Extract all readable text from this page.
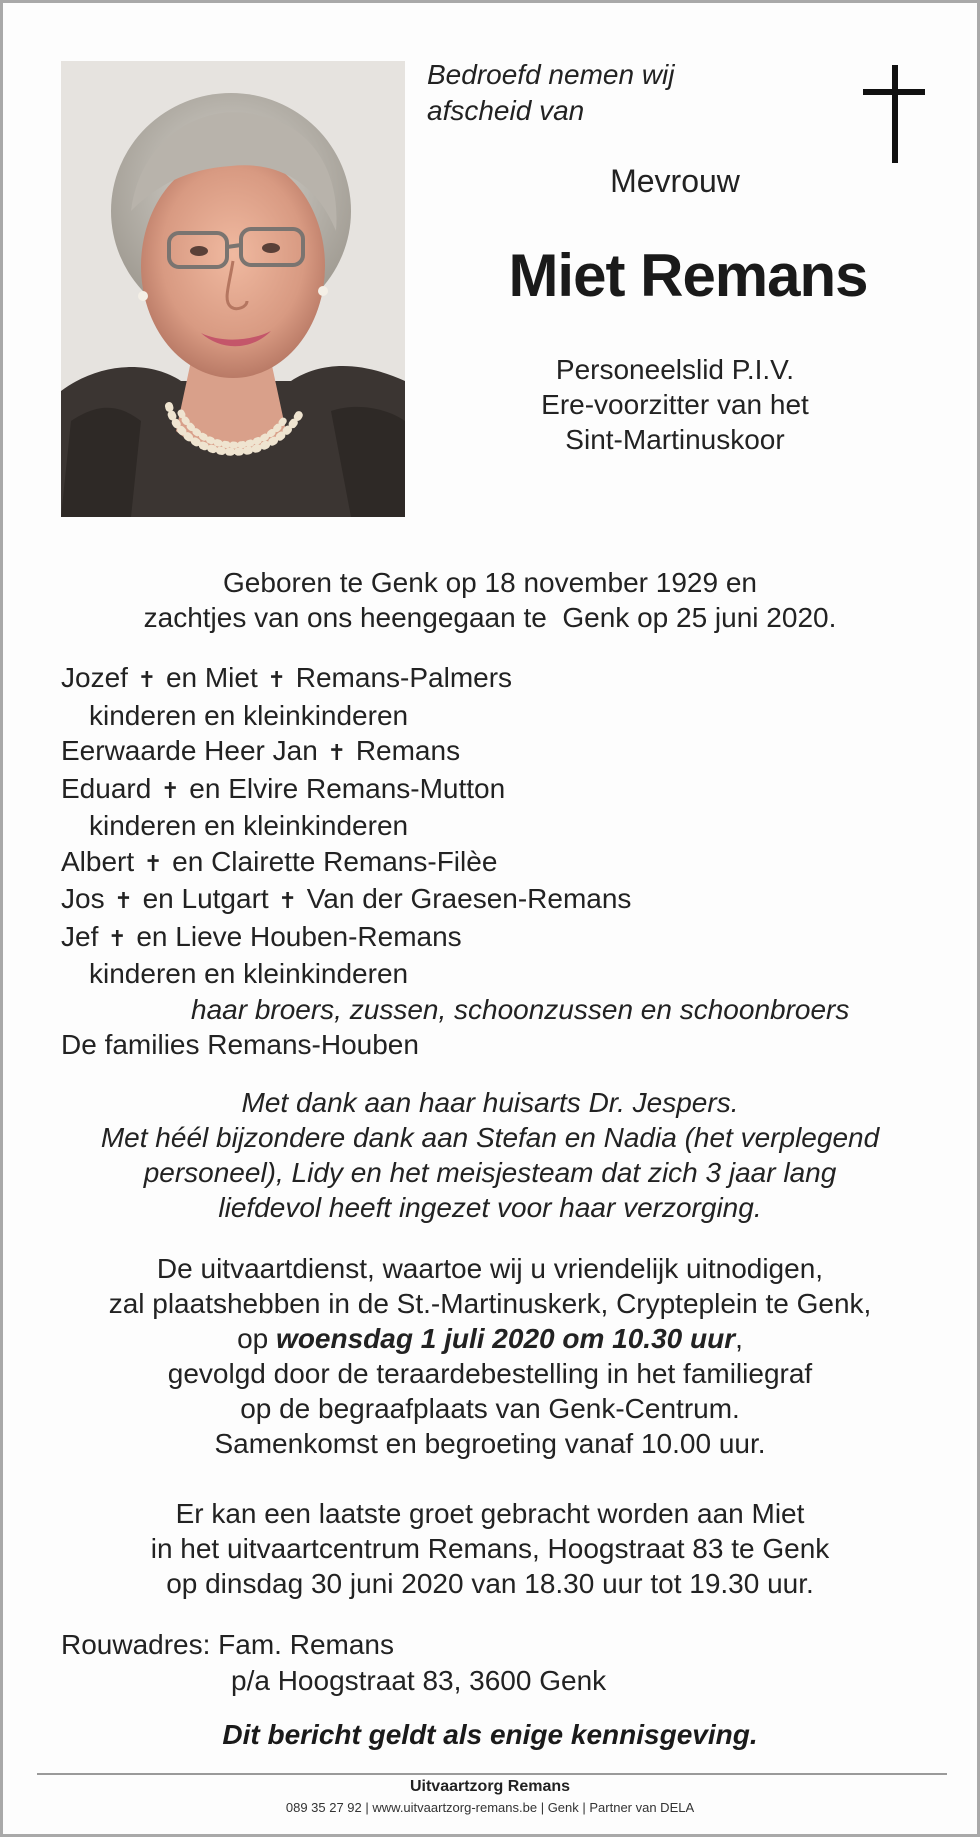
Bedroefd nemen wij
afscheid van
Mevrouw
Miet Remans
Personeelslid P.I.V.
Ere-voorzitter van het
Sint-Martinuskoor
Geboren te Genk op 18 november 1929 en
zachtjes van ons heengegaan te  Genk op 25 juni 2020.
Jozef ✝ en Miet ✝ Remans-Palmers
kinderen en kleinkinderen
Eerwaarde Heer Jan ✝ Remans
Eduard ✝ en Elvire Remans-Mutton
kinderen en kleinkinderen
Albert ✝ en Clairette Remans-Filèe
Jos ✝ en Lutgart ✝ Van der Graesen-Remans
Jef ✝ en Lieve Houben-Remans
kinderen en kleinkinderen
haar broers, zussen, schoonzussen en schoonbroers
De families Remans-Houben
Met dank aan haar huisarts Dr. Jespers.
Met héél bijzondere dank aan Stefan en Nadia (het verplegend
personeel), Lidy en het meisjesteam dat zich 3 jaar lang
liefdevol heeft ingezet voor haar verzorging.
De uitvaartdienst, waartoe wij u vriendelijk uitnodigen,
zal plaatshebben in de St.-Martinuskerk, Crypteplein te Genk,
op woensdag 1 juli 2020 om 10.30 uur,
gevolgd door de teraardebestelling in het familiegraf
op de begraafplaats van Genk-Centrum.
Samenkomst en begroeting vanaf 10.00 uur.
Er kan een laatste groet gebracht worden aan Miet
in het uitvaartcentrum Remans, Hoogstraat 83 te Genk
op dinsdag 30 juni 2020 van 18.30 uur tot 19.30 uur.
Rouwadres: Fam. Remans
p/a Hoogstraat 83, 3600 Genk
Dit bericht geldt als enige kennisgeving.
Uitvaartzorg Remans
089 35 27 92 | www.uitvaartzorg-remans.be | Genk | Partner van DELA
